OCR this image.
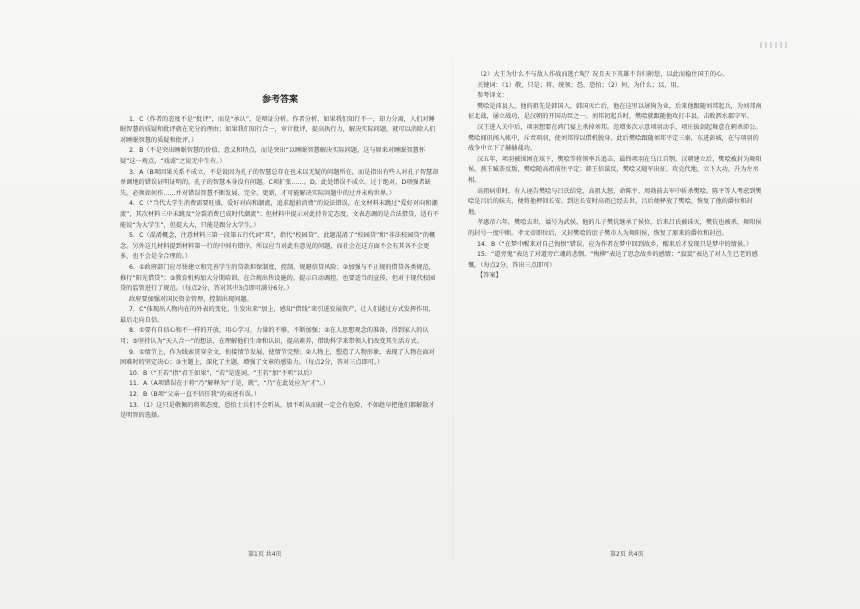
参考答案

1．C（作者的态度不是“批评”，而是“承认”，是辩证分析。作者分析，如果我们知行不一，却力分离，人们对睡眠智慧的质疑和批评就在充分的理由；如果我们知行合一，审计批评，提高执行力，解决实际问题，就可以消除人们对睡眠智慧的质疑和批评。）

2．B（不是突出睡眠智慧的价值、意义和特点，而是突出“以睡眠智慧解决实际问题，这与原来对睡眠智慧怀疑”这一观点，“戏谑”之说无中生有。）

3．A（B项因果关系不成立，不是说因为孔子的智慧总存在也未以无疑的问题所在，而是指出有些人对孔子智慧却单调地的错误证明证明的，孔子的智慧本身没有问题。C项扩张……。D，此处错误不成立。过于绝对，D项强者缺失。必须如何作……并对错误智慧不断发展、完全、更新，才可能解决实际问题中的过并未构世界。）

4．C（“当代大学生消费需要旺盛，爱好对向和潮流，追求超前消费”的说法错误，在文材料末跳过“爱好对向和潮流”，其次材料三中未跳及“分裂消费已成时代潮流”；但材料中提示对此持肯定态度，文表态调的是合法借贷，适有不能说“为大学生”，但提大大，只能是跟分大学生。）

5．C（混淆概念，注意材料三第一段第五行代词“其”，指代“校园贷”，此题混淆了“校园贷”和“非法校园贷”的概念。另外这几材料提到材料第一行的中间有错序，所以应当对此有意见的问题，而社会在这方面不会有其各不会更多，也不会是全合理的。）

6．①政府部门应尽快建立和完善学生的贷款担保制度，控制、规避信贷风险；②加强与不正规的借贷各类规范，推行“阳光借贷”；③教育机构加大分期培训，在合规出售设施的。提示自动调控，也要适当的宣传，但对于现代校园贷的监管进行了规范。（每点2分，答对其中3点即可满分6分。）

政府要加强对国民资金管理，控制出现问题。

7．C“体现出人物内在的外表的变化，生发出来”加上，感知“借钱”来引进发展资产，让人们越过方式发挥作用，最后走向自信。

8．①要有自信心和不一样的开放，用心学习，力量的不够，不断加强；②在人思想观念的准备，得到家人的认可；③坚持认为“天人合一”的想法，在理解他们生命和认识，提高素养，借助科学来带领人们改变其生活方式。

9．①情节上，作为线索贯穿全文，衔接情节发展，使情节完整；②人物上，塑造了人物形象，表现了人物在面对困难时的坚定决心；③主题上，深化了主题，增强了文章的感染力。（每点2分，答对三点即可。）

10．B（“王若”指“君王如果”，“若”是连词，“王若”加“不听”以后）

11．A（A项错误在于将“乃”解释为“于是，就”，“乃”在此处应为“才”。）

12．B（B项“父亲一直不信任我”的表述有误。）

13．（1）这只是敬佩的将领态度，恐怕士兵们不会听从，加不听从而就一定会有危险，不如趁早把他们都解散才是明智的选择。

第1页 共4页

（2）大王为什么不与敌人作战而逃亡呢？况且天下英雄不肯归附您，以此而稳住国王的心。

关键词：（1）敬，只是；将，统领；恐，恐怕；（2）何，为什么；以，用。

参考译文：

樊哙是沛县人，他的祖先是韩国人，韩国灭亡后，他在这里以屠狗为业。后来他跟随刘邦起兵，为刘邦南征北战，屡立战功，是汉朝的开国功臣之一。刘邦初起兵时，樊哙就跟随他攻打丰县，击败泗水郡守军。

汉王进入关中后，项羽想要在鸿门宴上杀掉刘邦。范增多次示意项羽动手，项庄拔剑起舞意在刺杀沛公。樊哙闻讯闯入帐中，斥责项羽，使刘邦得以借机脱身。此后樊哙跟随刘邦平定三秦，东进彭城，在与项羽的战争中立下了赫赫战功。

汉五年，项羽被围困在垓下，樊哙等将领率兵追击，最终项羽在乌江自刎。汉朝建立后，樊哙被封为舞阳侯。燕王臧荼反叛，樊哙随高祖前往平定；韩王信谋反，樊哙又随军出征，攻克代地，立下大功，升为左丞相。

高祖病重时，有人诬告樊哙与吕氏结党，高祖大怒，命陈平、周勃前去军中斩杀樊哙。陈平等人考虑到樊哙是吕后的妹夫，便将他押回长安。到达长安时高祖已经去世，吕后便释放了樊哙，恢复了他的爵位和封地。

孝惠帝六年，樊哙去世，谥号为武侯。他的儿子樊伉继承了侯位。后来吕氏被诛灭，樊伉也被杀，舞阳侯的封号一度中断。孝文帝即位后，又封樊哙的庶子樊市人为舞阳侯，恢复了原来的爵位和封邑。

14．B（“在梦中醒来对自己悔恨”错误，应为作者在梦中回到故乡，醒来后才发现只是梦中的情景。）

15．“道旁鬼”表达了对道旁亡魂的悲悯，“梅柳”表达了思念故乡的感情；“寂寞”表达了对人生已老的感慨。（每点2分，答出三点即可）

【答案】

第2页 共4页
